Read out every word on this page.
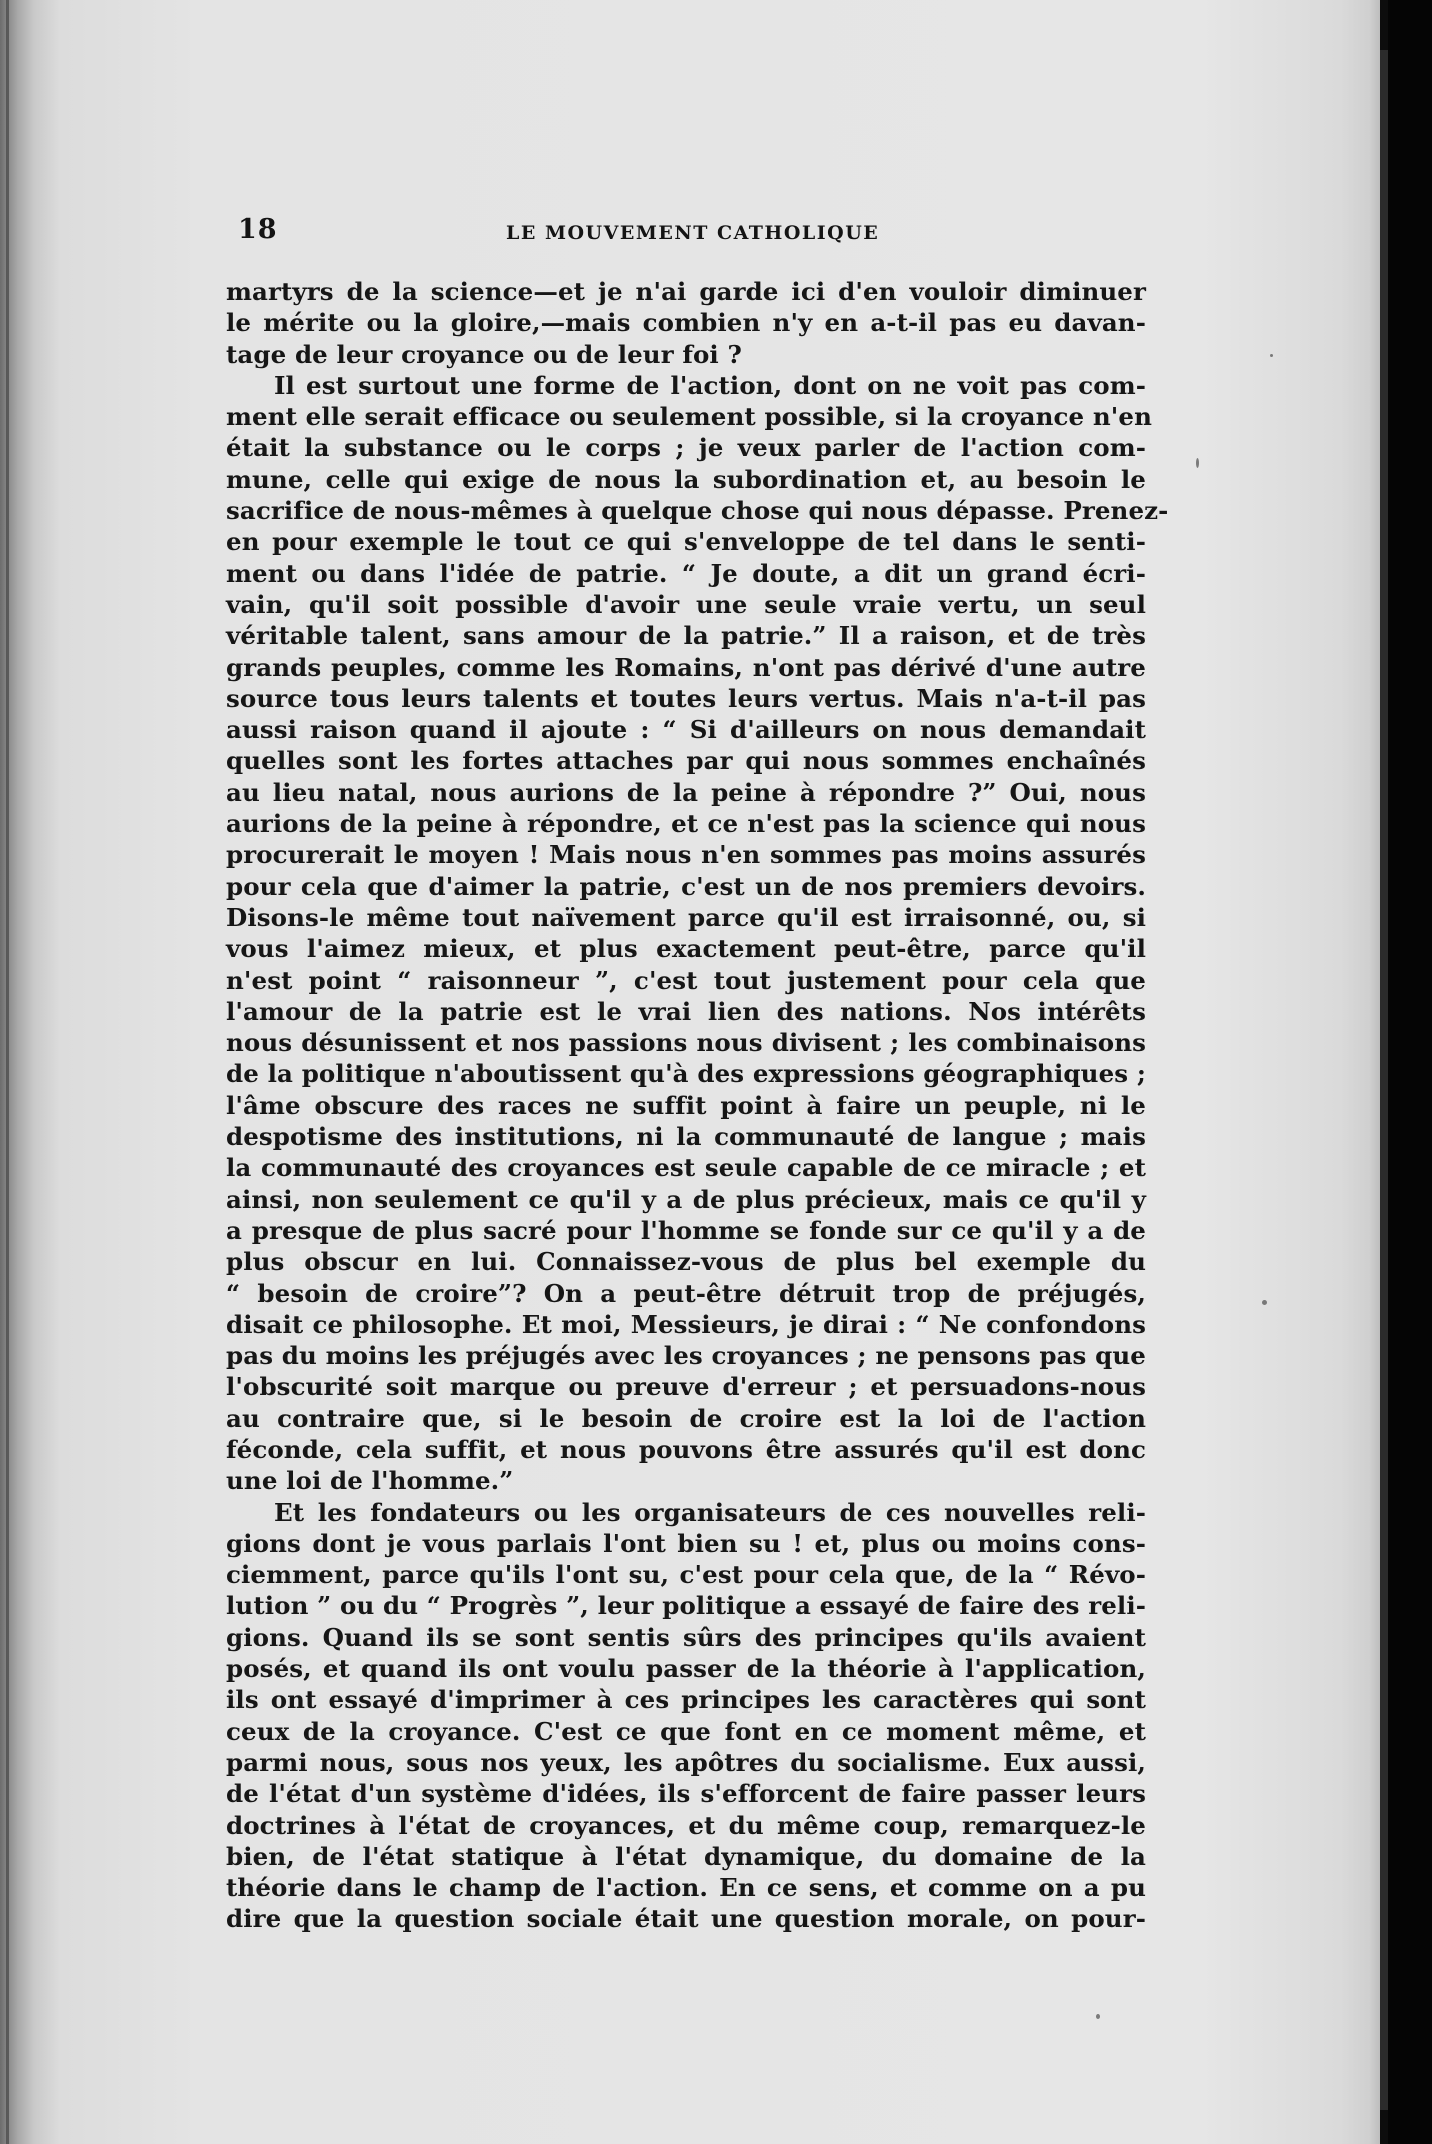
18	LE MOUVEMENT CATHOLIQUE
martyrs de la science—et je n'ai garde ici d'en vouloir diminuer
le mérite ou la gloire,—mais combien n'y en a-t-il pas eu davan-
tage de leur croyance ou de leur foi ?
Il est surtout une forme de l'action, dont on ne voit pas com-
ment elle serait efficace ou seulement possible, si la croyance n'en
était la substance ou le corps ; je veux parler de l'action com-
mune, celle qui exige de nous la subordination et, au besoin le
sacrifice de nous-mêmes à quelque chose qui nous dépasse. Prenez-
en pour exemple le tout ce qui s'enveloppe de tel dans le senti-
ment ou dans l'idée de patrie. “ Je doute, a dit un grand écri-
vain, qu'il soit possible d'avoir une seule vraie vertu, un seul
véritable talent, sans amour de la patrie.” Il a raison, et de très
grands peuples, comme les Romains, n'ont pas dérivé d'une autre
source tous leurs talents et toutes leurs vertus. Mais n'a-t-il pas
aussi raison quand il ajoute : “ Si d'ailleurs on nous demandait
quelles sont les fortes attaches par qui nous sommes enchaînés
au lieu natal, nous aurions de la peine à répondre ?” Oui, nous
aurions de la peine à répondre, et ce n'est pas la science qui nous
procurerait le moyen ! Mais nous n'en sommes pas moins assurés
pour cela que d'aimer la patrie, c'est un de nos premiers devoirs.
Disons-le même tout naïvement parce qu'il est irraisonné, ou, si
vous l'aimez mieux, et plus exactement peut-être, parce qu'il
n'est point “ raisonneur ”, c'est tout justement pour cela que
l'amour de la patrie est le vrai lien des nations. Nos intérêts
nous désunissent et nos passions nous divisent ; les combinaisons
de la politique n'aboutissent qu'à des expressions géographiques ;
l'âme obscure des races ne suffit point à faire un peuple, ni le
despotisme des institutions, ni la communauté de langue ; mais
la communauté des croyances est seule capable de ce miracle ; et
ainsi, non seulement ce qu'il y a de plus précieux, mais ce qu'il y
a presque de plus sacré pour l'homme se fonde sur ce qu'il y a de
plus obscur en lui. Connaissez-vous de plus bel exemple du
“ besoin de croire”? On a peut-être détruit trop de préjugés,
disait ce philosophe. Et moi, Messieurs, je dirai : “ Ne confondons
pas du moins les préjugés avec les croyances ; ne pensons pas que
l'obscurité soit marque ou preuve d'erreur ; et persuadons-nous
au contraire que, si le besoin de croire est la loi de l'action
féconde, cela suffit, et nous pouvons être assurés qu'il est donc
une loi de l'homme.”
Et les fondateurs ou les organisateurs de ces nouvelles reli-
gions dont je vous parlais l'ont bien su ! et, plus ou moins cons-
ciemment, parce qu'ils l'ont su, c'est pour cela que, de la “ Révo-
lution ” ou du “ Progrès ”, leur politique a essayé de faire des reli-
gions. Quand ils se sont sentis sûrs des principes qu'ils avaient
posés, et quand ils ont voulu passer de la théorie à l'application,
ils ont essayé d'imprimer à ces principes les caractères qui sont
ceux de la croyance. C'est ce que font en ce moment même, et
parmi nous, sous nos yeux, les apôtres du socialisme. Eux aussi,
de l'état d'un système d'idées, ils s'efforcent de faire passer leurs
doctrines à l'état de croyances, et du même coup, remarquez-le
bien, de l'état statique à l'état dynamique, du domaine de la
théorie dans le champ de l'action. En ce sens, et comme on a pu
dire que la question sociale était une question morale, on pour-
